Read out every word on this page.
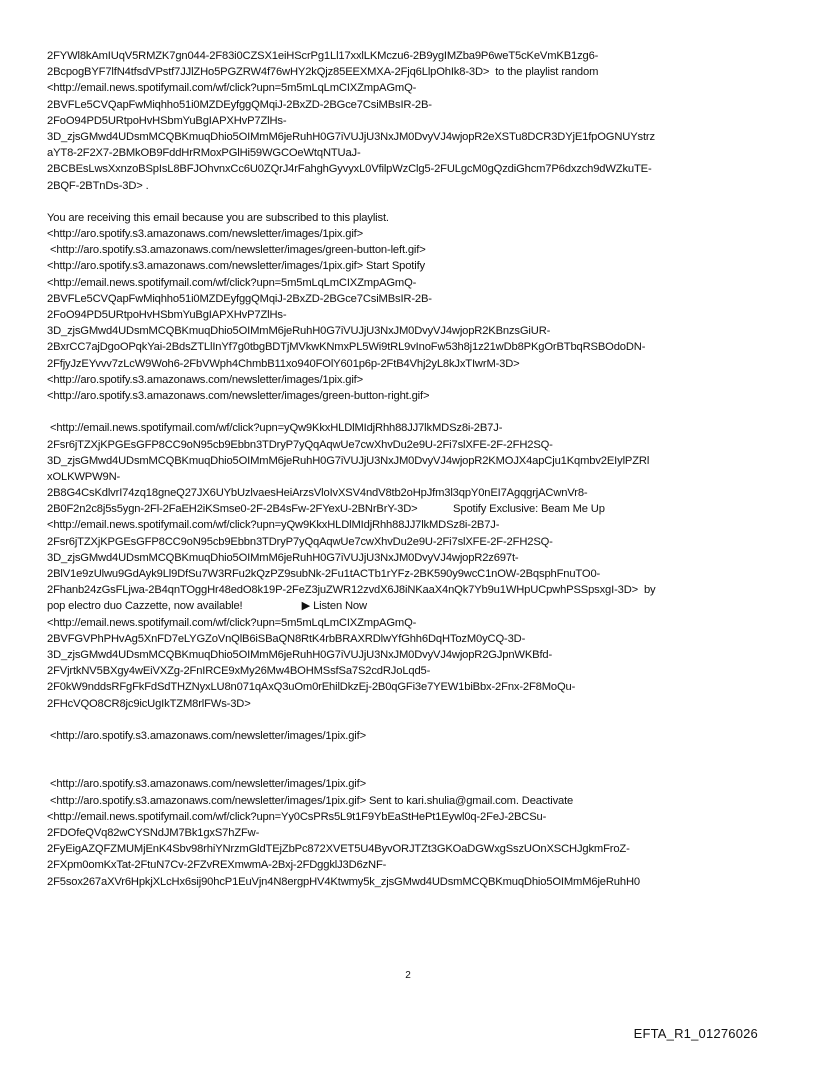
2FYWl8kAmIUqV5RMZK7gn044-2F83i0CZSX1eiHScrPg1Ll17xxlLKMczu6-2B9ygIMZba9P6weT5cKeVmKB1zg6-
2BcpogBYF7lfN4tfsdVPstf7JJlZHo5PGZRW4f76wHY2kQjz85EEXMXA-2Fjq6LlpOhIk8-3D>  to the playlist random
<http://email.news.spotifymail.com/wf/click?upn=5m5mLqLmCIXZmpAGmQ-
2BVFLe5CVQapFwMiqhho51i0MZDEyfggQMqiJ-2BxZD-2BGce7CsiMBsIR-2B-
2FoO94PD5URtpoHvHSbmYuBgIAPXHvP7ZlHs-
3D_zjsGMwd4UDsmMCQBKmuqDhio5OIMmM6jeRuhH0G7iVUJjU3NxJM0DvyVJ4wjopR2eXSTu8DCR3DYjE1fpOGNUYstrz
aYT8-2F2X7-2BMkOB9FddHrRMoxPGlHi59WGCOeWtqNTUaJ-
2BCBEsLwsXxnzoBSpIsL8BFJOhvnxCc6U0ZQrJ4rFahghGyvyxL0VfilpWzClg5-2FULgcM0gQzdiGhcm7P6dxzch9dWZkuTE-
2BQF-2BTnDs-3D> .
You are receiving this email because you are subscribed to this playlist.
<http://aro.spotify.s3.amazonaws.com/newsletter/images/1pix.gif>
<http://aro.spotify.s3.amazonaws.com/newsletter/images/green-button-left.gif>
<http://aro.spotify.s3.amazonaws.com/newsletter/images/1pix.gif> Start Spotify
<http://email.news.spotifymail.com/wf/click?upn=5m5mLqLmCIXZmpAGmQ-
2BVFLe5CVQapFwMiqhho51i0MZDEyfggQMqiJ-2BxZD-2BGce7CsiMBsIR-2B-
2FoO94PD5URtpoHvHSbmYuBgIAPXHvP7ZlHs-
3D_zjsGMwd4UDsmMCQBKmuqDhio5OIMmM6jeRuhH0G7iVUJjU3NxJM0DvyVJ4wjopR2KBnzsGiUR-
2BxrCC7ajDgoOPqkYai-2BdsZTLlInYf7g0tbgBDTjMVkwKNmxPL5Wi9tRL9vInoFw53h8j1z21wDb8PKgOrBTbqRSBOdoDN-
2FfjyJzEYvvv7zLcW9Woh6-2FbVWph4ChmbB11xo940FOlY601p6p-2FtB4Vhj2yL8kJxTIwrM-3D>
<http://aro.spotify.s3.amazonaws.com/newsletter/images/1pix.gif>
<http://aro.spotify.s3.amazonaws.com/newsletter/images/green-button-right.gif>
<http://email.news.spotifymail.com/wf/click?upn=yQw9KkxHLDlMIdjRhh88JJ7lkMDSz8i-2B7J-
2Fsr6jTZXjKPGEsGFP8CC9oN95cb9Ebbn3TDryP7yQqAqwUe7cwXhvDu2e9U-2Fi7slXFE-2F-2FH2SQ-
3D_zjsGMwd4UDsmMCQBKmuqDhio5OIMmM6jeRuhH0G7iVUJjU3NxJM0DvyVJ4wjopR2KMOJX4apCju1Kqmbv2EIylPZRl
xOLKWPW9N-
2B8G4CsKdlvrI74zq18gneQ27JX6UYbUzlvaesHeiArzsVloIvXSV4ndV8tb2oHpJfm3l3qpY0nEI7AgqgrjACwnVr8-
2B0F2n2c8j5s5ygn-2Fl-2FaEH2iKSmse0-2F-2B4sFw-2FYexU-2BNrBrY-3D>            Spotify Exclusive: Beam Me Up
<http://email.news.spotifymail.com/wf/click?upn=yQw9KkxHLDlMIdjRhh88JJ7lkMDSz8i-2B7J-
2Fsr6jTZXjKPGEsGFP8CC9oN95cb9Ebbn3TDryP7yQqAqwUe7cwXhvDu2e9U-2Fi7slXFE-2F-2FH2SQ-
3D_zjsGMwd4UDsmMCQBKmuqDhio5OIMmM6jeRuhH0G7iVUJjU3NxJM0DvyVJ4wjopR2z697t-
2BlV1e9zUlwu9GdAyk9Ll9DfSu7W3RFu2kQzPZ9subNk-2Fu1tACTb1rYFz-2BK590y9wcC1nOW-2BqsphFnuTO0-
2Fhanb24zGsFLjwa-2B4qnTOggHr48edO8k19P-2FeZ3juZWR12zvdX6J8iNKaaX4nQk7Yb9u1WHpUCpwhPSSpsxgI-3D>  by
pop electro duo Cazzette, now available!                    ▶ Listen Now
<http://email.news.spotifymail.com/wf/click?upn=5m5mLqLmCIXZmpAGmQ-
2BVFGVPhPHvAg5XnFD7eLYGZoVnQlB6iSBaQN8RtK4rbBRAXRDlwYfGhh6DqHTozM0yCQ-3D-
3D_zjsGMwd4UDsmMCQBKmuqDhio5OIMmM6jeRuhH0G7iVUJjU3NxJM0DvyVJ4wjopR2GJpnWKBfd-
2FVjrtkNV5BXgy4wEiVXZg-2FnIRCE9xMy26Mw4BOHMSsfSa7S2cdRJoLqd5-
2F0kW9nddsRFgFkFdSdTHZNyxLU8n071qAxQ3uOm0rEhilDkzEj-2B0qGFi3e7YEW1biBbx-2Fnx-2F8MoQu-
2FHcVQO8CR8jc9icUgIkTZM8rlFWs-3D>
<http://aro.spotify.s3.amazonaws.com/newsletter/images/1pix.gif>
<http://aro.spotify.s3.amazonaws.com/newsletter/images/1pix.gif>
<http://aro.spotify.s3.amazonaws.com/newsletter/images/1pix.gif> Sent to kari.shulia@gmail.com. Deactivate
<http://email.news.spotifymail.com/wf/click?upn=Yy0CsPRs5L9t1F9YbEaStHePt1Eywl0q-2FeJ-2BCSu-
2FDOfeQVq82wCYSNdJM7Bk1gxS7hZFw-
2FyEigAZQFZMUMjEnK4Sbv98rhiYNrzmGldTEjZbPc872XVET5U4ByvORJTZt3GKOaDGWxgSszUOnXSCHJgkmFroZ-
2FXpm0omKxTat-2FtuN7Cv-2FZvREXmwmA-2Bxj-2FDggklJ3D6zNF-
2F5sox267aXVr6HpkjXLcHx6sij90hcP1EuVjn4N8ergpHV4Ktwmy5k_zjsGMwd4UDsmMCQBKmuqDhio5OIMmM6jeRuhH0
2
EFTA_R1_01276026
